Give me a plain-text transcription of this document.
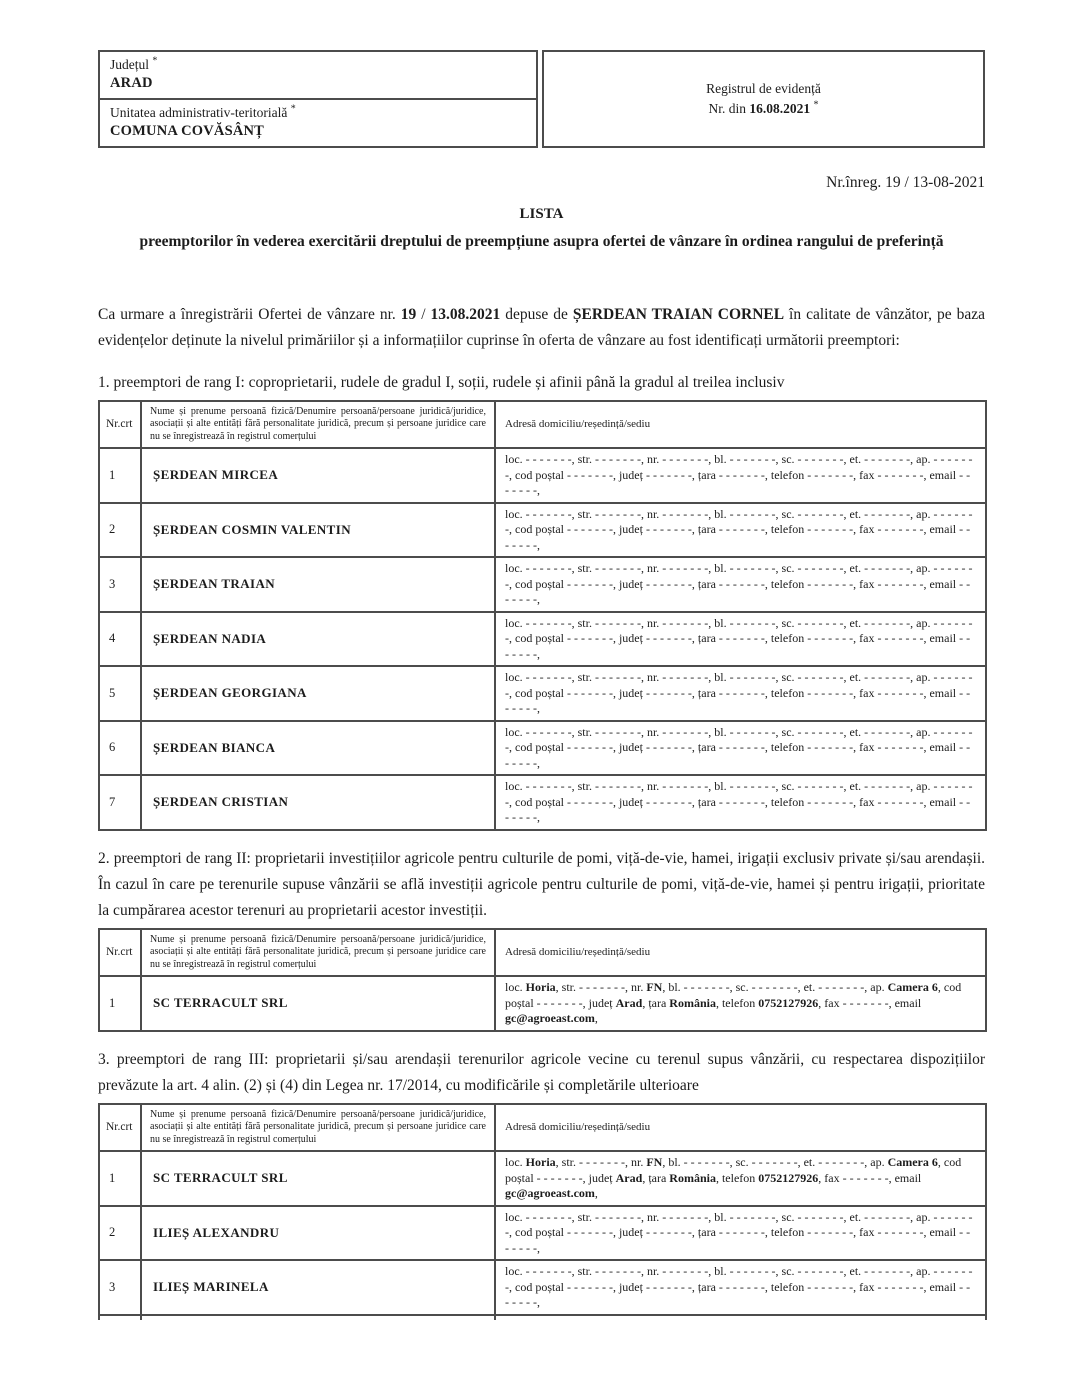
Județul *
ARAD
Unitatea administrativ-teritorială *
COMUNA COVĂSÂNȚ
Registrul de evidență
Nr. din 16.08.2021 *
Nr.înreg. 19 / 13-08-2021
LISTA
preemptorilor în vederea exercitării dreptului de preempțiune asupra ofertei de vânzare în ordinea rangului de preferință

Ca urmare a înregistrării Ofertei de vânzare nr. 19 / 13.08.2021 depuse de ȘERDEAN TRAIAN CORNEL în calitate de vânzător, pe baza evidențelor deținute la nivelul primăriilor și a informațiilor cuprinse în oferta de vânzare au fost identificați următorii preemptori:

1. preemptori de rang I: coproprietarii, rudele de gradul I, soții, rudele și afinii până la gradul al treilea inclusiv
Nr.crt	Nume și prenume persoană fizică/Denumire persoană/persoane juridică/juridice, asociații și alte entități fără personalitate juridică, precum și persoane juridice care nu se înregistrează în registrul comerțului	Adresă domiciliu/reședință/sediu
1	ȘERDEAN MIRCEA	loc. - - - - - - -, str. - - - - - - -, nr. - - - - - - -, bl. - - - - - - -, sc. - - - - - - -, et. - - - - - - -, ap. - - - - - - -, cod poștal - - - - - - -, județ - - - - - - -, țara - - - - - - -, telefon - - - - - - -, fax - - - - - - -, email - - - - - - -,
2	ȘERDEAN COSMIN VALENTIN	loc. - - - - - - -, str. - - - - - - -, nr. - - - - - - -, bl. - - - - - - -, sc. - - - - - - -, et. - - - - - - -, ap. - - - - - - -, cod poștal - - - - - - -, județ - - - - - - -, țara - - - - - - -, telefon - - - - - - -, fax - - - - - - -, email - - - - - - -,
3	ȘERDEAN TRAIAN	loc. - - - - - - -, str. - - - - - - -, nr. - - - - - - -, bl. - - - - - - -, sc. - - - - - - -, et. - - - - - - -, ap. - - - - - - -, cod poștal - - - - - - -, județ - - - - - - -, țara - - - - - - -, telefon - - - - - - -, fax - - - - - - -, email - - - - - - -,
4	ȘERDEAN NADIA	loc. - - - - - - -, str. - - - - - - -, nr. - - - - - - -, bl. - - - - - - -, sc. - - - - - - -, et. - - - - - - -, ap. - - - - - - -, cod poștal - - - - - - -, județ - - - - - - -, țara - - - - - - -, telefon - - - - - - -, fax - - - - - - -, email - - - - - - -,
5	ȘERDEAN GEORGIANA	loc. - - - - - - -, str. - - - - - - -, nr. - - - - - - -, bl. - - - - - - -, sc. - - - - - - -, et. - - - - - - -, ap. - - - - - - -, cod poștal - - - - - - -, județ - - - - - - -, țara - - - - - - -, telefon - - - - - - -, fax - - - - - - -, email - - - - - - -,
6	ȘERDEAN BIANCA	loc. - - - - - - -, str. - - - - - - -, nr. - - - - - - -, bl. - - - - - - -, sc. - - - - - - -, et. - - - - - - -, ap. - - - - - - -, cod poștal - - - - - - -, județ - - - - - - -, țara - - - - - - -, telefon - - - - - - -, fax - - - - - - -, email - - - - - - -,
7	ȘERDEAN CRISTIAN	loc. - - - - - - -, str. - - - - - - -, nr. - - - - - - -, bl. - - - - - - -, sc. - - - - - - -, et. - - - - - - -, ap. - - - - - - -, cod poștal - - - - - - -, județ - - - - - - -, țara - - - - - - -, telefon - - - - - - -, fax - - - - - - -, email - - - - - - -,
2. preemptori de rang II: proprietarii investițiilor agricole pentru culturile de pomi, viță-de-vie, hamei, irigații exclusiv private și/sau arendașii. În cazul în care pe terenurile supuse vânzării se află investiții agricole pentru culturile de pomi, viță-de-vie, hamei și pentru irigații, prioritate la cumpărarea acestor terenuri au proprietarii acestor investiții.
Nr.crt	Nume și prenume persoană fizică/Denumire persoană/persoane juridică/juridice, asociații și alte entități fără personalitate juridică, precum și persoane juridice care nu se înregistrează în registrul comerțului	Adresă domiciliu/reședință/sediu
1	SC TERRACULT SRL	loc. Horia, str. - - - - - - -, nr. FN, bl. - - - - - - -, sc. - - - - - - -, et. - - - - - - -, ap. Camera 6, cod poștal - - - - - - -, județ Arad, țara România, telefon 0752127926, fax - - - - - - -, email gc@agroeast.com,
3. preemptori de rang III: proprietarii și/sau arendașii terenurilor agricole vecine cu terenul supus vânzării, cu respectarea dispozițiilor prevăzute la art. 4 alin. (2) și (4) din Legea nr. 17/2014, cu modificările și completările ulterioare
Nr.crt	Nume și prenume persoană fizică/Denumire persoană/persoane juridică/juridice, asociații și alte entități fără personalitate juridică, precum și persoane juridice care nu se înregistrează în registrul comerțului	Adresă domiciliu/reședință/sediu
1	SC TERRACULT SRL	loc. Horia, str. - - - - - - -, nr. FN, bl. - - - - - - -, sc. - - - - - - -, et. - - - - - - -, ap. Camera 6, cod poștal - - - - - - -, județ Arad, țara România, telefon 0752127926, fax - - - - - - -, email gc@agroeast.com,
2	ILIEȘ ALEXANDRU	loc. - - - - - - -, str. - - - - - - -, nr. - - - - - - -, bl. - - - - - - -, sc. - - - - - - -, et. - - - - - - -, ap. - - - - - - -, cod poștal - - - - - - -, județ - - - - - - -, țara - - - - - - -, telefon - - - - - - -, fax - - - - - - -, email - - - - - - -,
3	ILIEȘ MARINELA	loc. - - - - - - -, str. - - - - - - -, nr. - - - - - - -, bl. - - - - - - -, sc. - - - - - - -, et. - - - - - - -, ap. - - - - - - -, cod poștal - - - - - - -, județ - - - - - - -, țara - - - - - - -, telefon - - - - - - -, fax - - - - - - -, email - - - - - - -,
